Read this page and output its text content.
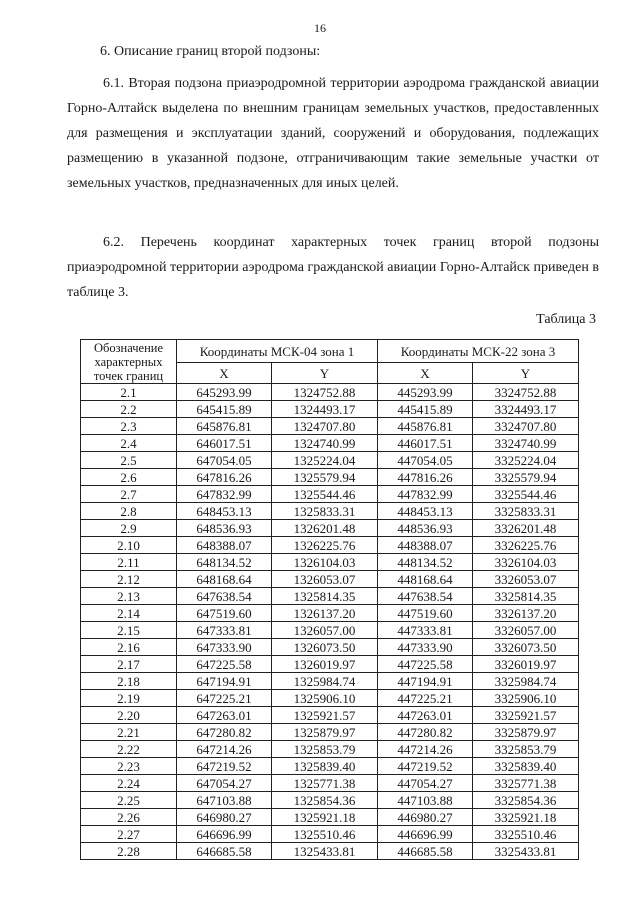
16
6. Описание границ второй подзоны:

6.1. Вторая подзона приаэродромной территории аэродрома гражданской авиации Горно-Алтайск выделена по внешним границам земельных участков, предоставленных для размещения и эксплуатации зданий, сооружений и оборудования, подлежащих размещению в указанной подзоне, отграничивающим такие земельные участки от земельных участков, предназначенных для иных целей.

6.2. Перечень координат характерных точек границ второй подзоны приаэродромной территории аэродрома гражданской авиации Горно-Алтайск приведен в таблице 3.

Таблица 3
Обозначение характерных точек границ	Координаты МСК-04 зона 1		Координаты МСК-22 зона 3	
	X	Y	X	Y
2.1	645293.99	1324752.88	445293.99	3324752.88
2.2	645415.89	1324493.17	445415.89	3324493.17
2.3	645876.81	1324707.80	445876.81	3324707.80
2.4	646017.51	1324740.99	446017.51	3324740.99
2.5	647054.05	1325224.04	447054.05	3325224.04
2.6	647816.26	1325579.94	447816.26	3325579.94
2.7	647832.99	1325544.46	447832.99	3325544.46
2.8	648453.13	1325833.31	448453.13	3325833.31
2.9	648536.93	1326201.48	448536.93	3326201.48
2.10	648388.07	1326225.76	448388.07	3326225.76
2.11	648134.52	1326104.03	448134.52	3326104.03
2.12	648168.64	1326053.07	448168.64	3326053.07
2.13	647638.54	1325814.35	447638.54	3325814.35
2.14	647519.60	1326137.20	447519.60	3326137.20
2.15	647333.81	1326057.00	447333.81	3326057.00
2.16	647333.90	1326073.50	447333.90	3326073.50
2.17	647225.58	1326019.97	447225.58	3326019.97
2.18	647194.91	1325984.74	447194.91	3325984.74
2.19	647225.21	1325906.10	447225.21	3325906.10
2.20	647263.01	1325921.57	447263.01	3325921.57
2.21	647280.82	1325879.97	447280.82	3325879.97
2.22	647214.26	1325853.79	447214.26	3325853.79
2.23	647219.52	1325839.40	447219.52	3325839.40
2.24	647054.27	1325771.38	447054.27	3325771.38
2.25	647103.88	1325854.36	447103.88	3325854.36
2.26	646980.27	1325921.18	446980.27	3325921.18
2.27	646696.99	1325510.46	446696.99	3325510.46
2.28	646685.58	1325433.81	446685.58	3325433.81
